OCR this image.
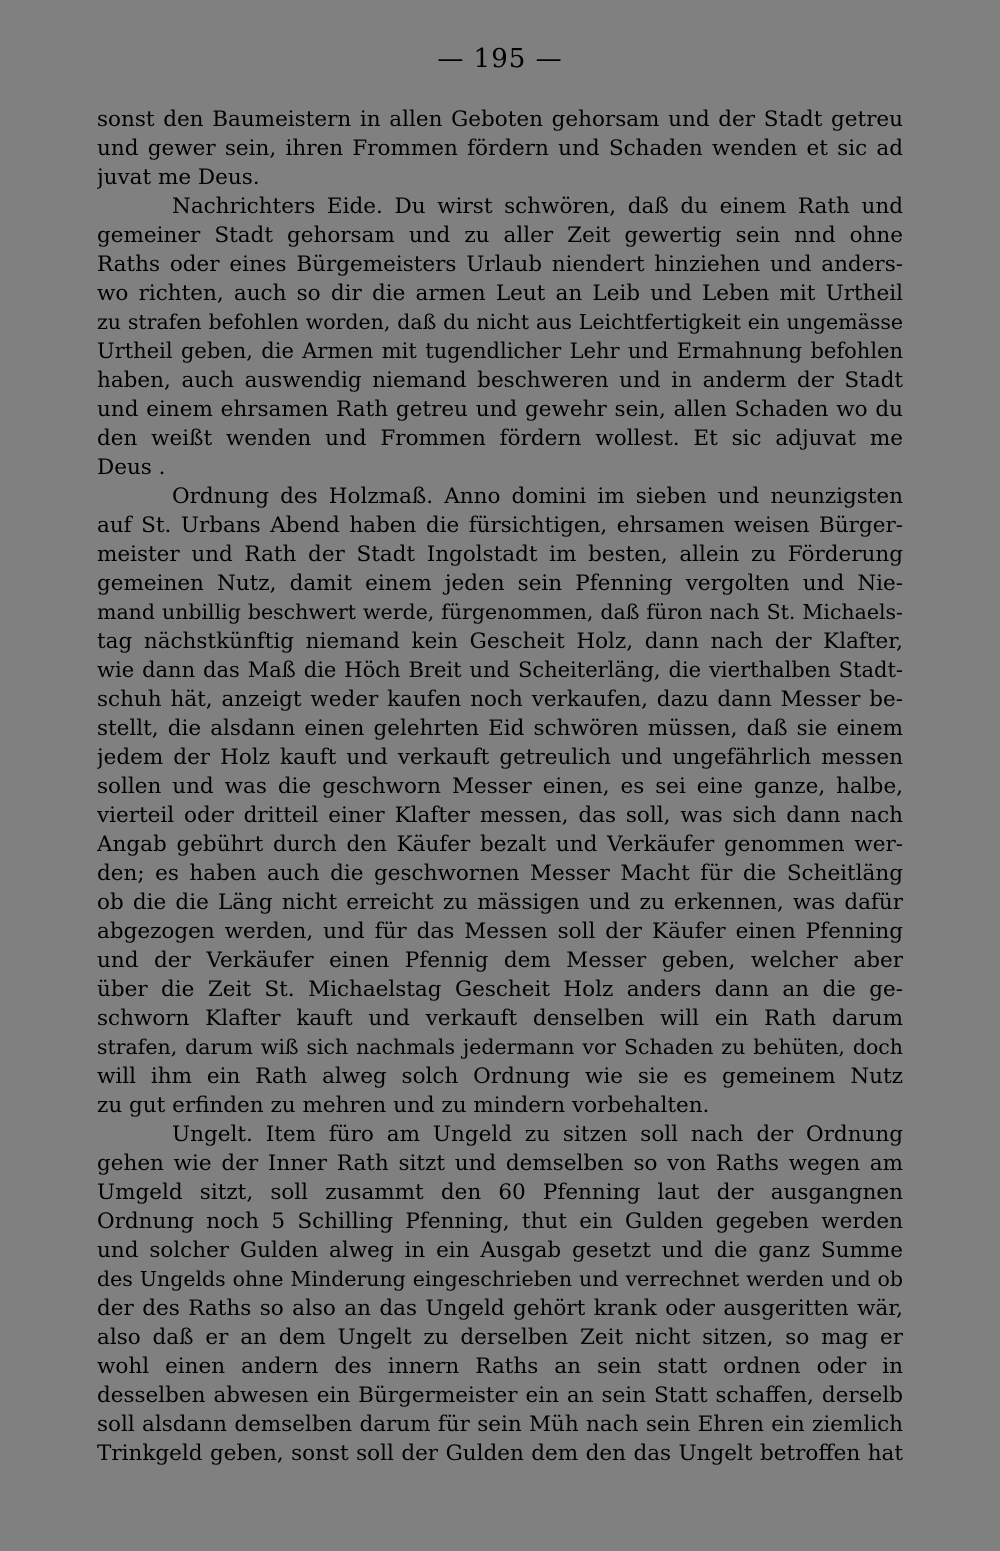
— 195 —
sonst den Baumeistern in allen Geboten gehorsam und der Stadt getreu
und gewer sein, ihren Frommen fördern und Schaden wenden et sic ad
juvat me Deus.
Nachrichters Eide. Du wirst schwören, daß du einem Rath und
gemeiner Stadt gehorsam und zu aller Zeit gewertig sein nnd ohne
Raths oder eines Bürgemeisters Urlaub niendert hinziehen und anders-
wo richten, auch so dir die armen Leut an Leib und Leben mit Urtheil
zu strafen befohlen worden, daß du nicht aus Leichtfertigkeit ein ungemässe
Urtheil geben, die Armen mit tugendlicher Lehr und Ermahnung befohlen
haben, auch auswendig niemand beschweren und in anderm der Stadt
und einem ehrsamen Rath getreu und gewehr sein, allen Schaden wo du
den weißt wenden und Frommen fördern wollest. Et sic adjuvat me
Deus .
Ordnung des Holzmaß. Anno domini im sieben und neunzigsten
auf St. Urbans Abend haben die fürsichtigen, ehrsamen weisen Bürger-
meister und Rath der Stadt Ingolstadt im besten, allein zu Förderung
gemeinen Nutz, damit einem jeden sein Pfenning vergolten und Nie-
mand unbillig beschwert werde, fürgenommen, daß füron nach St. Michaels-
tag nächstkünftig niemand kein Gescheit Holz, dann nach der Klafter,
wie dann das Maß die Höch Breit und Scheiterläng, die vierthalben Stadt-
schuh hät, anzeigt weder kaufen noch verkaufen, dazu dann Messer be-
stellt, die alsdann einen gelehrten Eid schwören müssen, daß sie einem
jedem der Holz kauft und verkauft getreulich und ungefährlich messen
sollen und was die geschworn Messer einen, es sei eine ganze, halbe,
vierteil oder dritteil einer Klafter messen, das soll, was sich dann nach
Angab gebührt durch den Käufer bezalt und Verkäufer genommen wer-
den; es haben auch die geschwornen Messer Macht für die Scheitläng
ob die die Läng nicht erreicht zu mässigen und zu erkennen, was dafür
abgezogen werden, und für das Messen soll der Käufer einen Pfenning
und der Verkäufer einen Pfennig dem Messer geben, welcher aber
über die Zeit St. Michaelstag Gescheit Holz anders dann an die ge-
schworn Klafter kauft und verkauft denselben will ein Rath darum
strafen, darum wiß sich nachmals jedermann vor Schaden zu behüten, doch
will ihm ein Rath alweg solch Ordnung wie sie es gemeinem Nutz
zu gut erfinden zu mehren und zu mindern vorbehalten.
Ungelt. Item füro am Ungeld zu sitzen soll nach der Ordnung
gehen wie der Inner Rath sitzt und demselben so von Raths wegen am
Umgeld sitzt, soll zusammt den 60 Pfenning laut der ausgangnen
Ordnung noch 5 Schilling Pfenning, thut ein Gulden gegeben werden
und solcher Gulden alweg in ein Ausgab gesetzt und die ganz Summe
des Ungelds ohne Minderung eingeschrieben und verrechnet werden und ob
der des Raths so also an das Ungeld gehört krank oder ausgeritten wär,
also daß er an dem Ungelt zu derselben Zeit nicht sitzen, so mag er
wohl einen andern des innern Raths an sein statt ordnen oder in
desselben abwesen ein Bürgermeister ein an sein Statt schaffen, derselb
soll alsdann demselben darum für sein Müh nach sein Ehren ein ziemlich
Trinkgeld geben, sonst soll der Gulden dem den das Ungelt betroffen hat
